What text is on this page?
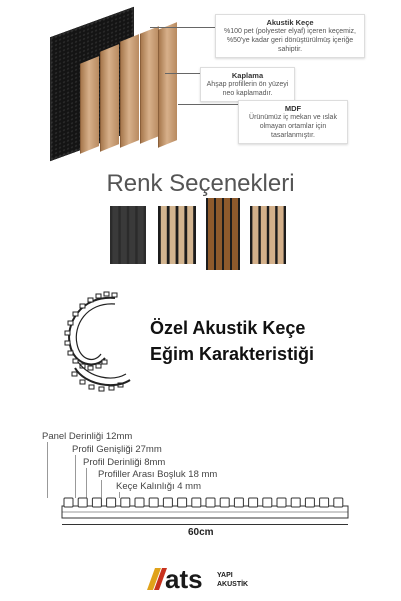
Akustik Keçe
%100 pet (polyester elyaf) içeren keçemiz, %50'ye kadar geri dönüştürülmüş içeriğe sahiptir.
Kaplama
Ahşap profillerin ön yüzeyi neo kaplamadır.
MDF
Ürünümüz iç mekan ve ıslak olmayan ortamlar için tasarlanmıştır.
Renk Seçenekleri
Özel Akustik Keçe
Eğim Karakteristiği
Panel Derinliği 12mm
Profil Genişliği 27mm
Profil Derinliği 8mm
Profiller Arası Boşluk 18 mm
Keçe Kalınlığı 4 mm
60cm
ats YAPI
AKUSTİK
